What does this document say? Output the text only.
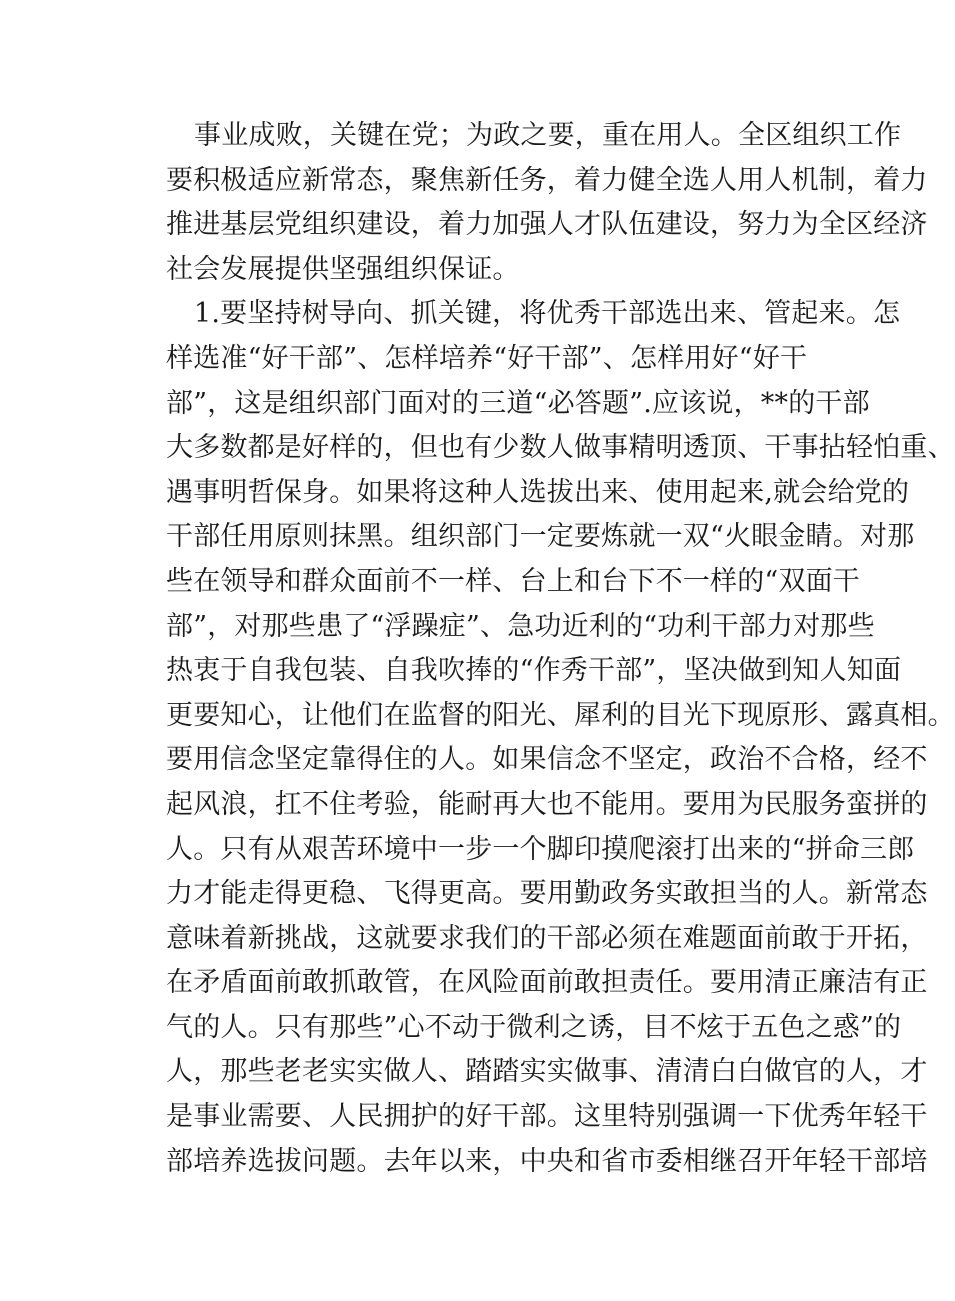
事业成败，关键在党；为政之要，重在用人。全区组织工作
要积极适应新常态，聚焦新任务，着力健全选人用人机制，着力
推进基层党组织建设，着力加强人才队伍建设，努力为全区经济
社会发展提供坚强组织保证。
1.要坚持树导向、抓关键，将优秀干部选出来、管起来。怎
样选准“好干部”、怎样培养“好干部”、怎样用好“好干
部”，这是组织部门面对的三道“必答题”.应该说，**的干部
大多数都是好样的，但也有少数人做事精明透顶、干事拈轻怕重、
遇事明哲保身。如果将这种人选拔出来、使用起来,就会给党的
干部任用原则抹黑。组织部门一定要炼就一双“火眼金睛。对那
些在领导和群众面前不一样、台上和台下不一样的“双面干
部”，对那些患了“浮躁症”、急功近利的“功利干部力对那些
热衷于自我包装、自我吹捧的“作秀干部”，坚决做到知人知面
更要知心，让他们在监督的阳光、犀利的目光下现原形、露真相。
要用信念坚定靠得住的人。如果信念不坚定，政治不合格，经不
起风浪，扛不住考验，能耐再大也不能用。要用为民服务蛮拼的
人。只有从艰苦环境中一步一个脚印摸爬滚打出来的“拼命三郎
力才能走得更稳、飞得更高。要用勤政务实敢担当的人。新常态
意味着新挑战，这就要求我们的干部必须在难题面前敢于开拓，
在矛盾面前敢抓敢管，在风险面前敢担责任。要用清正廉洁有正
气的人。只有那些”心不动于微利之诱，目不炫于五色之惑”的
人，那些老老实实做人、踏踏实实做事、清清白白做官的人，才
是事业需要、人民拥护的好干部。这里特别强调一下优秀年轻干
部培养选拔问题。去年以来，中央和省市委相继召开年轻干部培
